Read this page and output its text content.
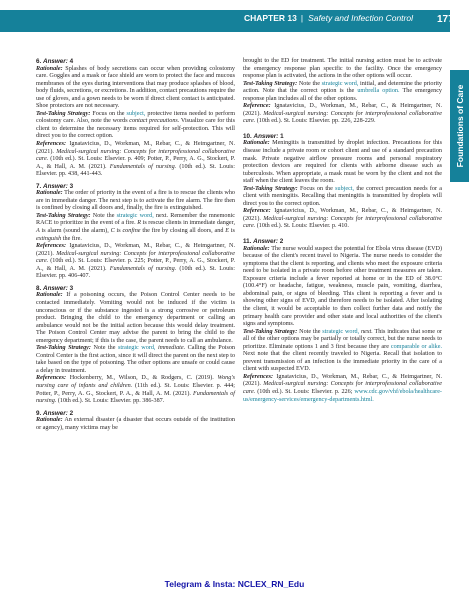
CHAPTER 13 | Safety and Infection Control 177
Foundations of Care
6. Answer: 4

Rationale: Splashes of body secretions can occur when providing colostomy care. Goggles and a mask or face shield are worn to protect the face and mucous membranes of the eyes during interventions that may produce splashes of blood, body fluids, secretions, or excretions. In addition, contact precautions require the use of gloves, and a gown needs to be worn if direct client contact is anticipated. Shoe protectors are not necessary.

Test-Taking Strategy: Focus on the subject, protective items needed to perform colostomy care. Also, note the words contact precautions. Visualize care for this client to determine the necessary items required for self-protection. This will direct you to the correct option.

References: Ignatavicius, D., Workman, M., Rebar, C., & Heimgartner, N. (2021). Medical-surgical nursing: Concepts for interprofessional collaborative care. (10th ed.). St. Louis: Elsevier. p. 409; Potter, P., Perry, A. G., Stockert, P. A., & Hall, A. M. (2021). Fundamentals of nursing. (10th ed.). St. Louis: Elsevier. pp. 438, 441-443.

7. Answer: 3

Rationale: The order of priority in the event of a fire is to rescue the clients who are in immediate danger. The next step is to activate the fire alarm. The fire then is confined by closing all doors and, finally, the fire is extinguished.

Test-Taking Strategy: Note the strategic word, next. Remember the mnemonic RACE to prioritize in the event of a fire. R is rescue clients in immediate danger, A is alarm (sound the alarm), C is confine the fire by closing all doors, and E is extinguish the fire.

References: Ignatavicius, D., Workman, M., Rebar, C., & Heimgartner, N. (2021). Medical-surgical nursing: Concepts for interprofessional collaborative care. (10th ed.). St. Louis: Elsevier. p. 225; Potter, P., Perry, A. G., Stockert, P. A., & Hall, A. M. (2021). Fundamentals of nursing. (10th ed.). St. Louis: Elsevier. pp. 406-407.

8. Answer: 3

Rationale: If a poisoning occurs, the Poison Control Center needs to be contacted immediately. Vomiting would not be induced if the victim is unconscious or if the substance ingested is a strong corrosive or petroleum product. Bringing the child to the emergency department or calling an ambulance would not be the initial action because this would delay treatment. The Poison Control Center may advise the parent to bring the child to the emergency department; if this is the case, the parent needs to call an ambulance.

Test-Taking Strategy: Note the strategic word, immediate. Calling the Poison Control Center is the first action, since it will direct the parent on the next step to take based on the type of poisoning. The other options are unsafe or could cause a delay in treatment.

References: Hockenberry, M., Wilson, D., & Rodgers, C. (2019). Wong's nursing care of infants and children. (11th ed.). St. Louis: Elsevier. p. 444; Potter, P., Perry, A. G., Stockert, P. A., & Hall, A. M. (2021). Fundamentals of nursing. (10th ed.). St. Louis: Elsevier. pp. 386-387.

9. Answer: 2

Rationale: An external disaster (a disaster that occurs outside of the institution or agency), many victims may be

brought to the ED for treatment. The initial nursing action must be to activate the emergency response plan specific to the facility. Once the emergency response plan is activated, the actions in the other options will occur.

Test-Taking Strategy: Note the strategic word, initial, and determine the priority action. Note that the correct option is the umbrella option. The emergency response plan includes all of the other options.

Reference: Ignatavicius, D., Workman, M., Rebar, C., & Heimgartner, N. (2021). Medical-surgical nursing: Concepts for interprofessional collaborative care. (10th ed.). St. Louis: Elsevier. pp. 226, 228-229.

10. Answer: 1

Rationale: Meningitis is transmitted by droplet infection. Precautions for this disease include a private room or cohort client and use of a standard precaution mask. Private negative airflow pressure rooms and personal respiratory protection devices are required for clients with airborne disease such as tuberculosis. When appropriate, a mask must be worn by the client and not the staff when the client leaves the room.

Test-Taking Strategy: Focus on the subject, the correct precaution needs for a client with meningitis. Recalling that meningitis is transmitted by droplets will direct you to the correct option.

Reference: Ignatavicius, D., Workman, M., Rebar, C., & Heimgartner, N. (2021). Medical-surgical nursing: Concepts for interprofessional collaborative care. (10th ed.). St. Louis: Elsevier. p. 410.

11. Answer: 2

Rationale: The nurse would suspect the potential for Ebola virus disease (EVD) because of the client's recent travel to Nigeria. The nurse needs to consider the symptoms that the client is reporting, and clients who meet the exposure criteria need to be isolated in a private room before other treatment measures are taken. Exposure criteria include a fever reported at home or in the ED of 38.0°C (100.4°F) or headache, fatigue, weakness, muscle pain, vomiting, diarrhea, abdominal pain, or signs of bleeding. This client is reporting a fever and is showing other signs of EVD, and therefore needs to be isolated. After isolating the client, it would be acceptable to then collect further data and notify the primary health care provider and other state and local authorities of the client's signs and symptoms.

Test-Taking Strategy: Note the strategic word, next. This indicates that some or all of the other options may be partially or totally correct, but the nurse needs to prioritize. Eliminate options 1 and 3 first because they are comparable or alike. Next note that the client recently traveled to Nigeria. Recall that isolation to prevent transmission of an infection is the immediate priority in the care of a client with suspected EVD.

References: Ignatavicius, D., Workman, M., Rebar, C., & Heimgartner, N. (2021). Medical-surgical nursing: Concepts for interprofessional collaborative care. (10th ed.). St. Louis: Elsevier. p. 226; www.cdc.gov/vhf/ebola/healthcare-us/emergency-services/emergency-departments.html.

Telegram & Insta: NCLEX_RN_Edu
